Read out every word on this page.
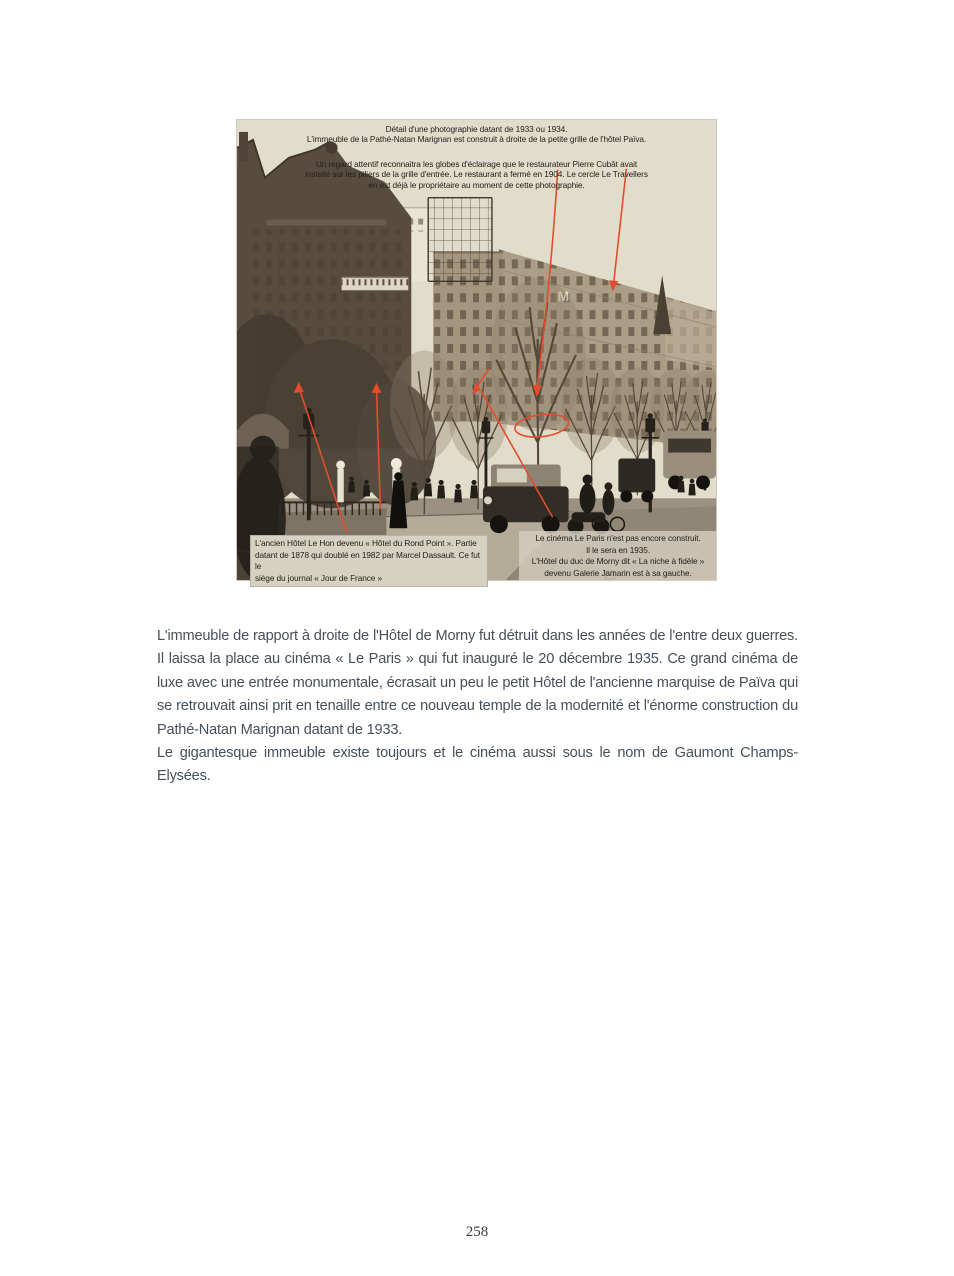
Détail d'une photographie datant de 1933 ou 1934.
L'immeuble de la Pathé-Natan Marignan est construit à droite de la petite grille de l'hôtel Païva.
Un regard attentif reconnaitra les globes d'éclairage que le restaurateur Pierre Cubât avait
installé sur les piliers de la grille d'entrée. Le restaurant a fermé en 1904. Le cercle Le Travellers
en est déjà le propriétaire au moment de cette photographie.
L'ancien Hôtel Le Hon devenu « Hôtel du Rond Point ». Partie
datant de 1878 qui doublé en 1982 par Marcel Dassault. Ce fut le
siège du journal « Jour de France »
Le cinéma Le Paris n'est pas encore construit.
Il le sera en 1935.
L'Hôtel du duc de Morny dit « La niche à fidèle »
devenu Galerie Jamarin est à sa gauche.

L'immeuble de rapport à droite de l'Hôtel de Morny fut détruit dans les années de l'entre deux guerres. Il laissa la place au cinéma « Le Paris » qui fut inauguré le 20 décembre 1935. Ce grand cinéma de luxe avec une entrée monumentale, écrasait un peu le petit Hôtel de l'ancienne marquise de Païva qui se retrouvait ainsi prit en tenaille entre ce nouveau temple de la modernité et l'énorme construction du Pathé-Natan Marignan datant de 1933.

Le gigantesque immeuble existe toujours et le cinéma aussi sous le nom de Gaumont Champs-Elysées.

258
